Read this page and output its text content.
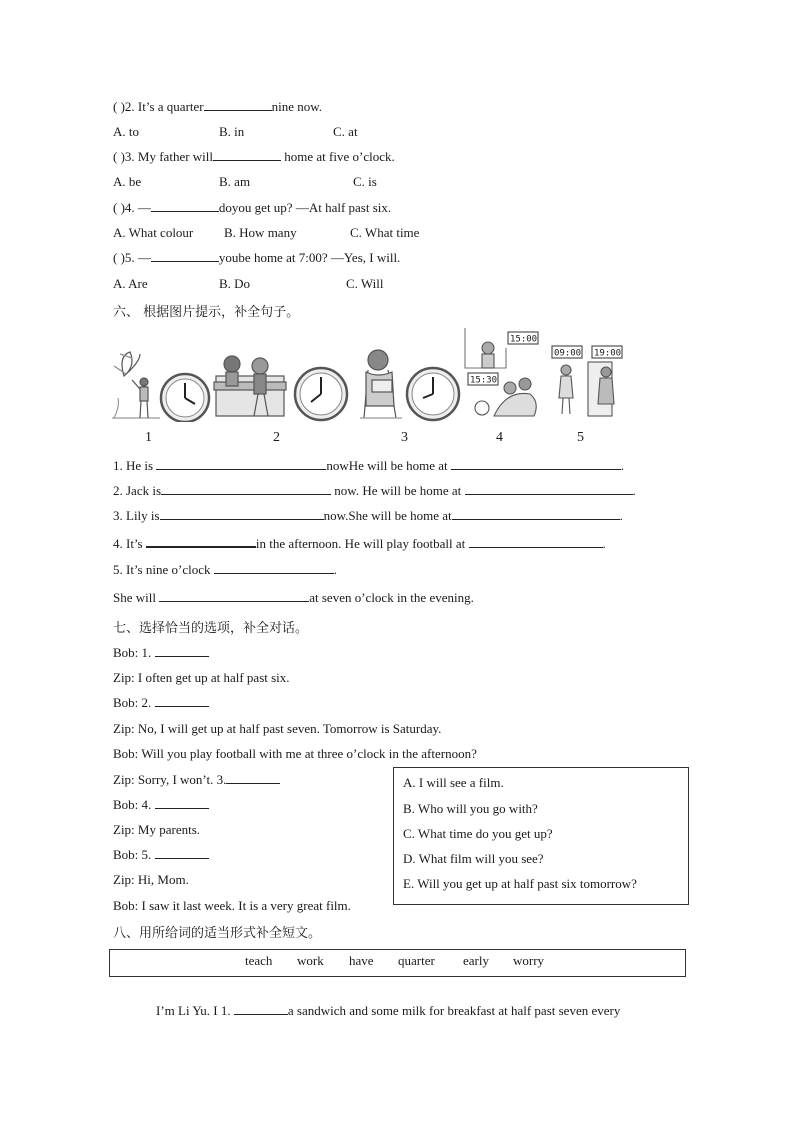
( )2. It’s a quarter	nine now.
A. to	B. in	C. at
( )3. My father will	home at five o’clock.
A. be	B. am	C. is
( )4. —	doyou get up? —At half past six.
A. What colour B. How many	C. What time
( )5. —	yoube home at 7:00? —Yes, I will.
A. Are	B. Do	C. Will
六、 根据图片提示，补全句子。
15:00
15:30
09:00 19:00
1	2	3	4	5
1. He is	nowHe will be home at	.
2. Jack is	now. He will be home at	.
3. Lily is	now.She will be home at	.
4. It’s	in the afternoon. He will play football at	.
5. It’s nine o’clock	.
She will	at seven o’clock in the evening.
七、选择恰当的选项，补全对话。
Bob: 1.
Zip: I often get up at half past six.
Bob: 2.
Zip: No, I will get up at half past seven. Tomorrow is Saturday.
Bob: Will you play football with me at three o’clock in the afternoon?
Zip: Sorry, I won’t. 3.
Bob: 4.
Zip: My parents.
Bob: 5.
Zip: Hi, Mom.
Bob: I saw it last week. It is a very great film.
A. I will see a film.
B. Who will you go with?
C. What time do you get up?
D. What film will you see?
E. Will you get up at half past six tomorrow?
八、用所给词的适当形式补全短文。
teach work have quarter early worry
I’m Li Yu. I 1.	a sandwich and some milk for breakfast at half past seven every
